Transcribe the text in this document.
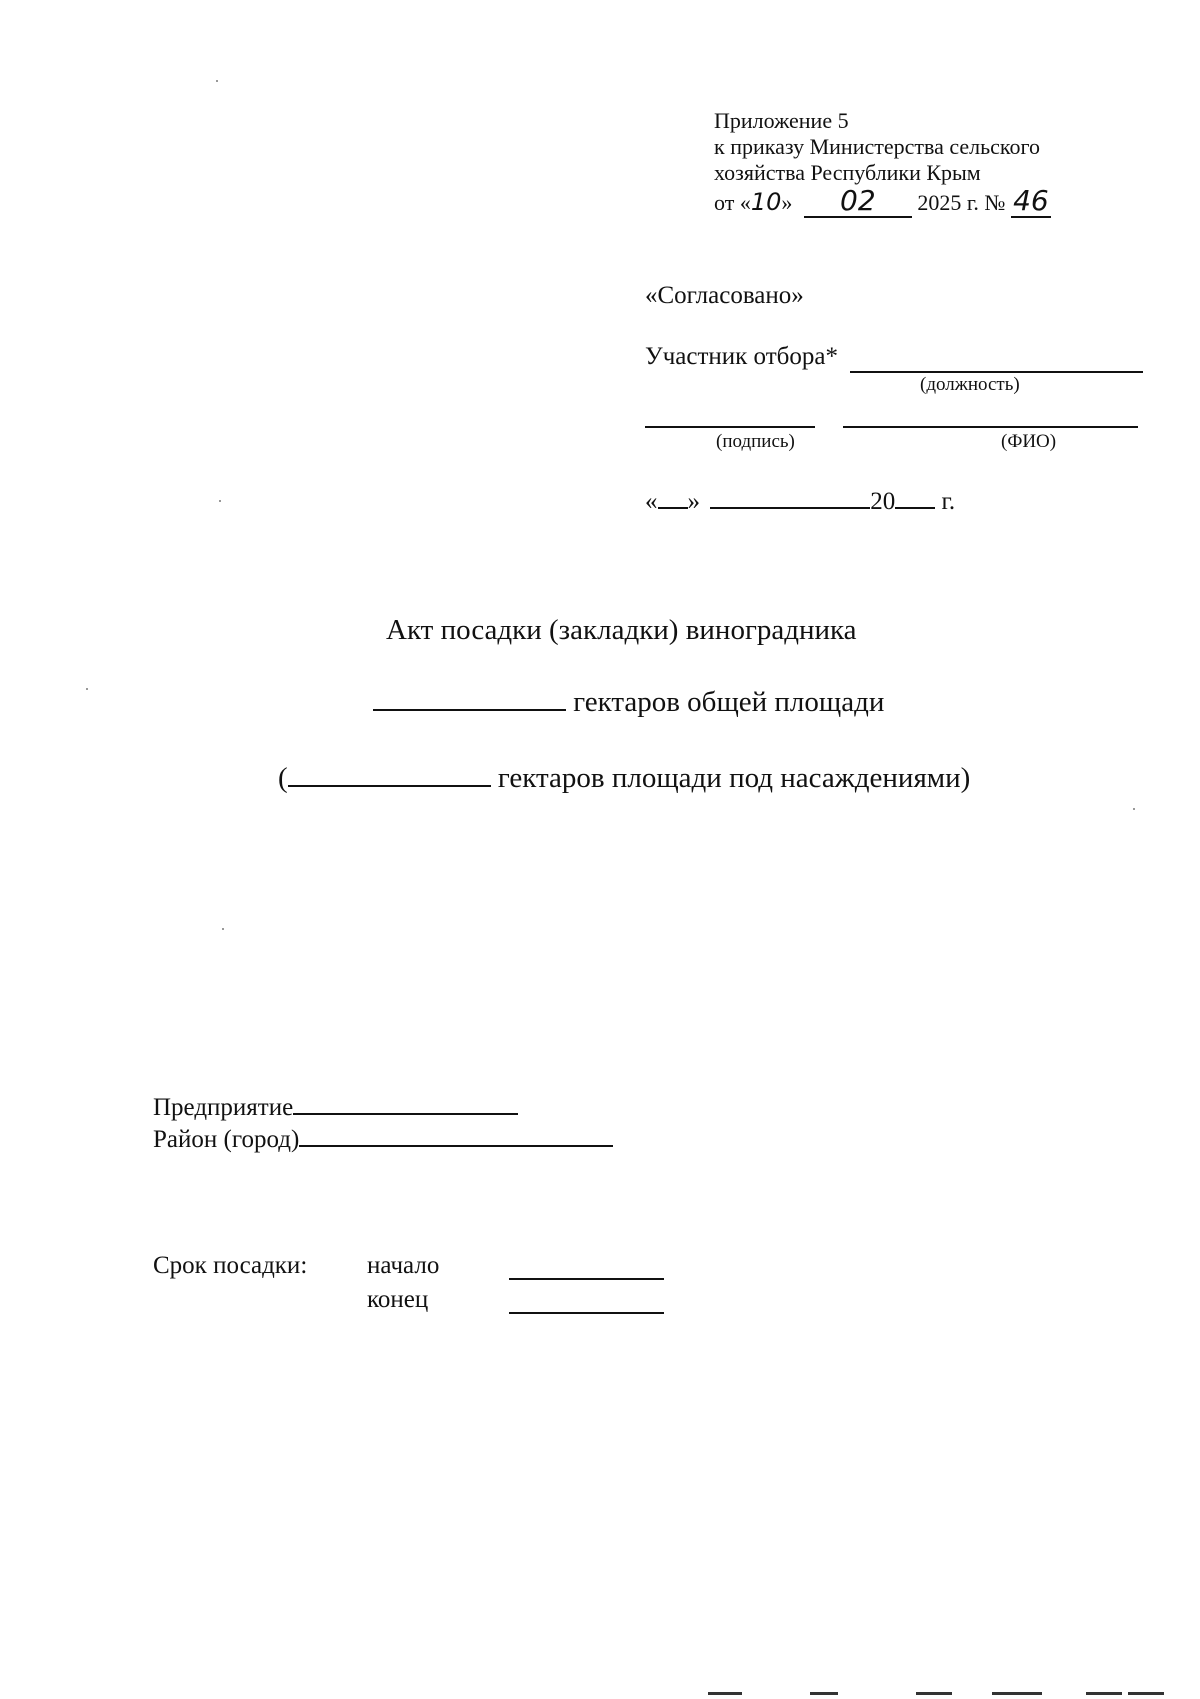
Приложение 5
к приказу Министерства сельского
хозяйства Республики Крым
от «10» 02 2025 г. № 46
«Согласовано»
Участник отбора*
(должность)
(подпись)	(ФИО)
« »	20 г.
Акт посадки (закладки) виноградника
гектаров общей площади
(	гектаров площади под насаждениями)
Предприятие
Район (город)
Срок посадки: начало
конец
